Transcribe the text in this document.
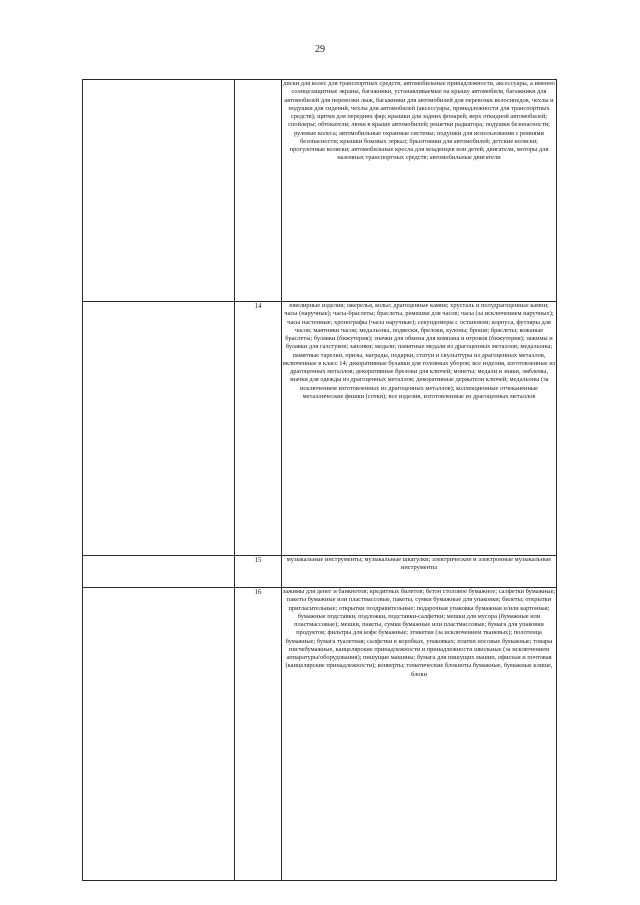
29
		диски для колес для транспортных средств; автомобильные принадлежности, аксессуары, а именно солнцезащитные экраны, багажники, устанавливаемые на крышу автомобиля, багажники для автомобилей для перевозки лыж, багажники для автомобилей для перевозки велосипедов, чехлы и подушки для сидений, чехлы для автомобилей (аксессуары, принадлежности для транспортных средств); щитки для передних фар; крышки для задних фонарей; верх откидной автомобилей; спойлеры; обтекатели; люки в крыше автомобилей; решетки радиатора; подушки безопасности; рулевые колеса; автомобильные охранные системы; подушки для использования с ремнями безопасности; крышки боковых зеркал; брызговики для автомобилей; детские коляски; прогулочные коляски; автомобильные кресла для младенцев или детей; двигатели, моторы для наземных транспортных средств; автомобильные двигатели
	14	ювелирные изделия; ожерелья, колье; драгоценные камни; хрусталь и полудрагоценные камни; часы (наручные); часы-браслеты; браслеты, ремешки для часов; часы (за исключением наручных); часы настенные; хронографы (часы наручные); секундомеры с остановом; корпуса, футляры для часов; маятники часов; медальоны, подвески, брелоки, кулоны; броши; браслеты; кожаные браслеты; булавки (бижутерия); значки для обмена для компана и игроков (бижутерия); зажимы и булавки для галстуков; запонки; медали; памятные медали из драгоценных металлов; медальоны; памятные тарелки, призы, награды, подарки, статуи и скульптуры из драгоценных металлов, включенные в класс 14; декоративные булавки для головных уборов; все изделия, изготовленные из драгоценных металлов; декоративные брелоки для ключей; монеты; медали и знаки, эмблемы, значки для одежды из драгоценных металлов; декоративные держатели ключей; медальоны (за исключением изготовленных из драгоценных металлов); коллекционные отчеканенные металлические фишки (сотки); все изделия, изготовленные из драгоценных металлов
	15	музыкальные инструменты; музыкальные шкатулки; электрические и электронные музыкальные инструменты
	16	зажимы для денег и банкнотов; кредитных билетов; бетон столовое бумажное; салфетки бумажные; пакеты бумажные или пластмассовые, пакеты, сумки бумажные для упаковки; билеты; открытки пригласительные; открытки поздравительные; подарочная упаковка бумажная и/или картонная; бумажные подставки, подложки, подставки-салфетки; мешки для мусора (бумажные или пластмассовые); мешки, пакеты, сумки бумажные или пластмассовые; бумага для упаковки продуктов; фильтры для кофе бумажные; этикетки (за исключением тканевых); полотенца бумажные; бумага туалетная; салфетки в коробках, упаковках; платки носовые бумажные; товары писчебумажные, канцелярские принадлежности и принадлежности школьные (за исключением аппаратуры/оборудования); пишущие машины; бумага для пишущих машин, офисная и почтовая (канцелярские принадлежности); конверты; тематические блокноты бумажные, бумажные клише, блоки
